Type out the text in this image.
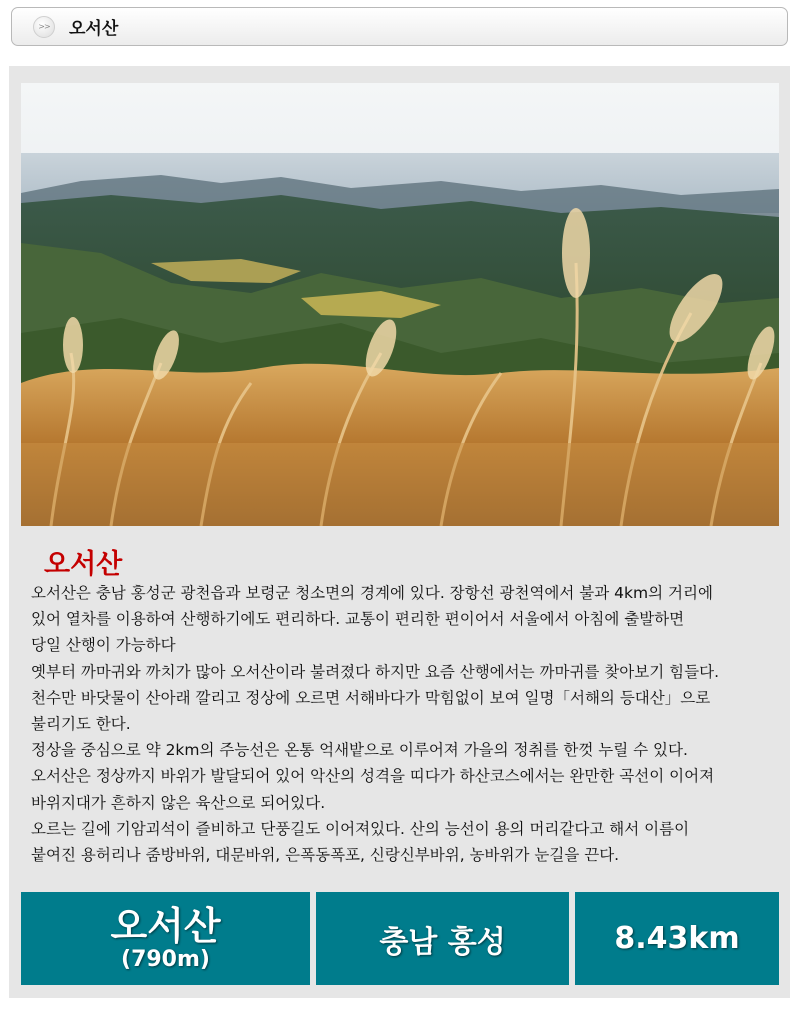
>>	오서산
오서산
오서산은 충남 홍성군 광천읍과 보령군 청소면의 경계에 있다. 장항선 광천역에서 불과 4km의 거리에
있어 열차를 이용하여 산행하기에도 편리하다. 교통이 편리한 편이어서 서울에서 아침에 출발하면
당일 산행이 가능하다
옛부터 까마귀와 까치가 많아 오서산이라 불려졌다 하지만 요즘 산행에서는 까마귀를 찾아보기 힘들다.
천수만 바닷물이 산아래 깔리고 정상에 오르면 서해바다가 막힘없이 보여 일명「서해의 등대산」으로
불리기도 한다.
정상을 중심으로 약 2km의 주능선은 온통 억새밭으로 이루어져 가을의 정취를 한껏 누릴 수 있다.
오서산은 정상까지 바위가 발달되어 있어 악산의 성격을 띠다가 하산코스에서는 완만한 곡선이 이어져
바위지대가 흔하지 않은 육산으로 되어있다.
오르는 길에 기암괴석이 즐비하고 단풍길도 이어져있다. 산의 능선이 용의 머리같다고 해서 이름이
붙여진 용허리나 줌방바위, 대문바위, 은폭동폭포, 신랑신부바위, 농바위가 눈길을 끈다.
오서산
(790m)	충남 홍성	8.43km
